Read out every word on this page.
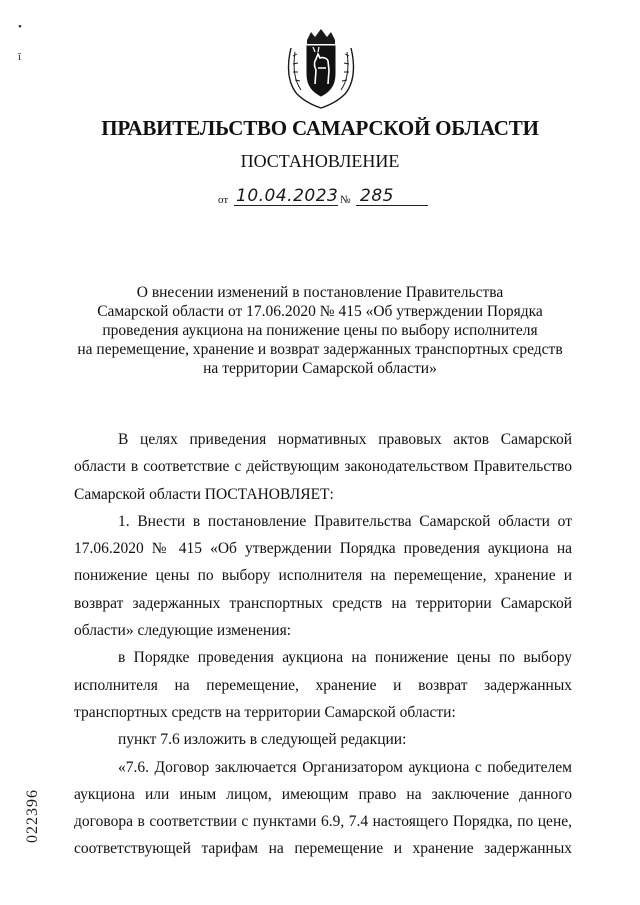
•
ĭ
ПРАВИТЕЛЬСТВО САМАРСКОЙ ОБЛАСТИ
ПОСТАНОВЛЕНИЕ
от 10.04.2023 № 285
О внесении изменений в постановление Правительства
Самарской области от 17.06.2020 № 415 «Об утверждении Порядка
проведения аукциона на понижение цены по выбору исполнителя
на перемещение, хранение и возврат задержанных транспортных средств
на территории Самарской области»

В целях приведения нормативных правовых актов Самарской области в соответствие с действующим законодательством Правительство Самарской области ПОСТАНОВЛЯЕТ:

1. Внести в постановление Правительства Самарской области от 17.06.2020 № 415 «Об утверждении Порядка проведения аукциона на понижение цены по выбору исполнителя на перемещение, хранение и возврат задержанных транспортных средств на территории Самарской области» следующие изменения:

в Порядке проведения аукциона на понижение цены по выбору исполнителя на перемещение, хранение и возврат задержанных транспортных средств на территории Самарской области:

пункт 7.6 изложить в следующей редакции:

«7.6. Договор заключается Организатором аукциона с победителем аукциона или иным лицом, имеющим право на заключение данного договора в соответствии с пунктами 6.9, 7.4 настоящего Порядка, по цене, соответствующей тарифам на перемещение и хранение задержанных

022396
